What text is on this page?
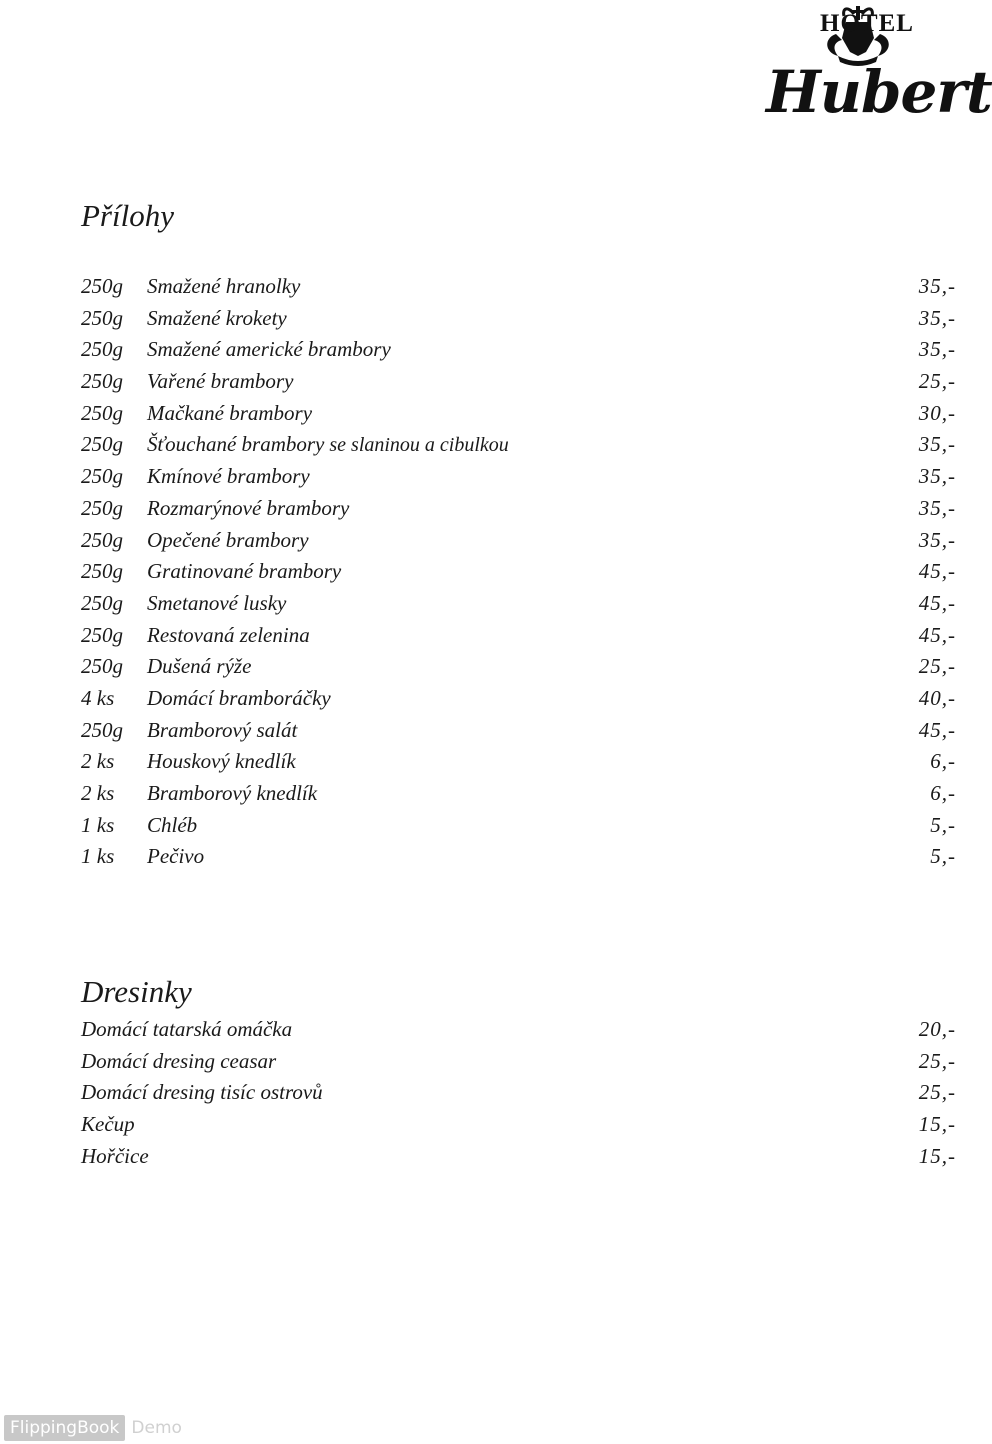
HOTEL
Hubert
Přílohy
250g Smažené hranolky	35,-
250g Smažené krokety	35,-
250g Smažené americké brambory	35,-
250g Vařené brambory	25,-
250g Mačkané brambory	30,-
250g Šťouchané brambory se slaninou a cibulkou	35,-
250g Kmínové brambory	35,-
250g Rozmarýnové brambory	35,-
250g Opečené brambory	35,-
250g Gratinované brambory	45,-
250g Smetanové lusky	45,-
250g Restovaná zelenina	45,-
250g Dušená rýže	25,-
4 ks Domácí bramboráčky	40,-
250g Bramborový salát	45,-
2 ks Houskový knedlík	6,-
2 ks Bramborový knedlík	6,-
1 ks Chléb	5,-
1 ks Pečivo	5,-
Dresinky
Domácí tatarská omáčka	20,-
Domácí dresing ceasar	25,-
Domácí dresing tisíc ostrovů	25,-
Kečup	15,-
Hořčice	15,-
FlippingBook Demo
